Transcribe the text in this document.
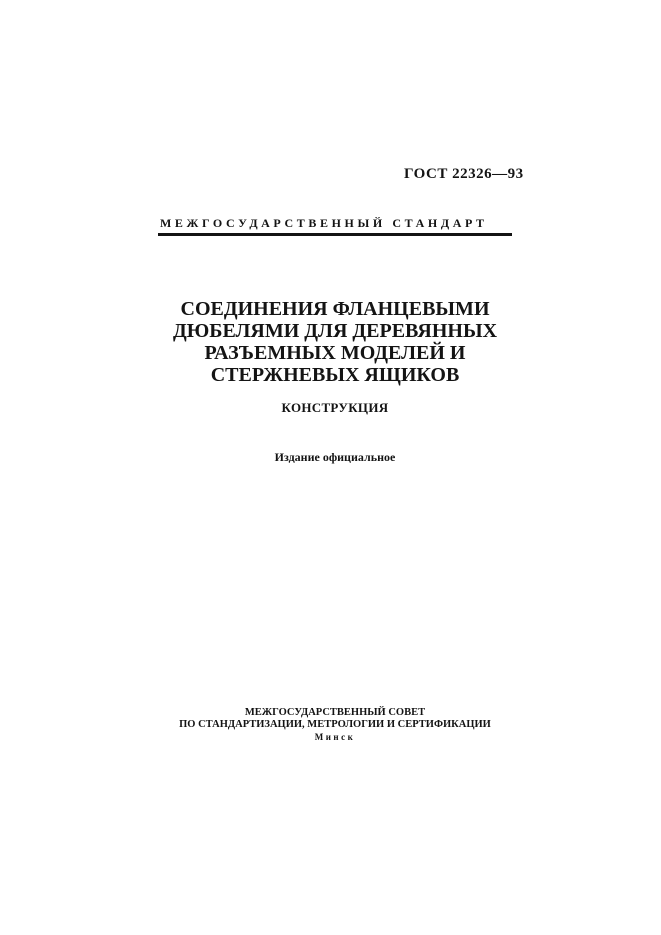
ГОСТ 22326—93
МЕЖГОСУДАРСТВЕННЫЙ СТАНДАРТ
СОЕДИНЕНИЯ ФЛАНЦЕВЫМИ
ДЮБЕЛЯМИ ДЛЯ ДЕРЕВЯННЫХ
РАЗЪЕМНЫХ МОДЕЛЕЙ И
СТЕРЖНЕВЫХ ЯЩИКОВ
КОНСТРУКЦИЯ
Издание официальное
МЕЖГОСУДАРСТВЕННЫЙ СОВЕТ
ПО СТАНДАРТИЗАЦИИ, МЕТРОЛОГИИ И СЕРТИФИКАЦИИ
Минск
